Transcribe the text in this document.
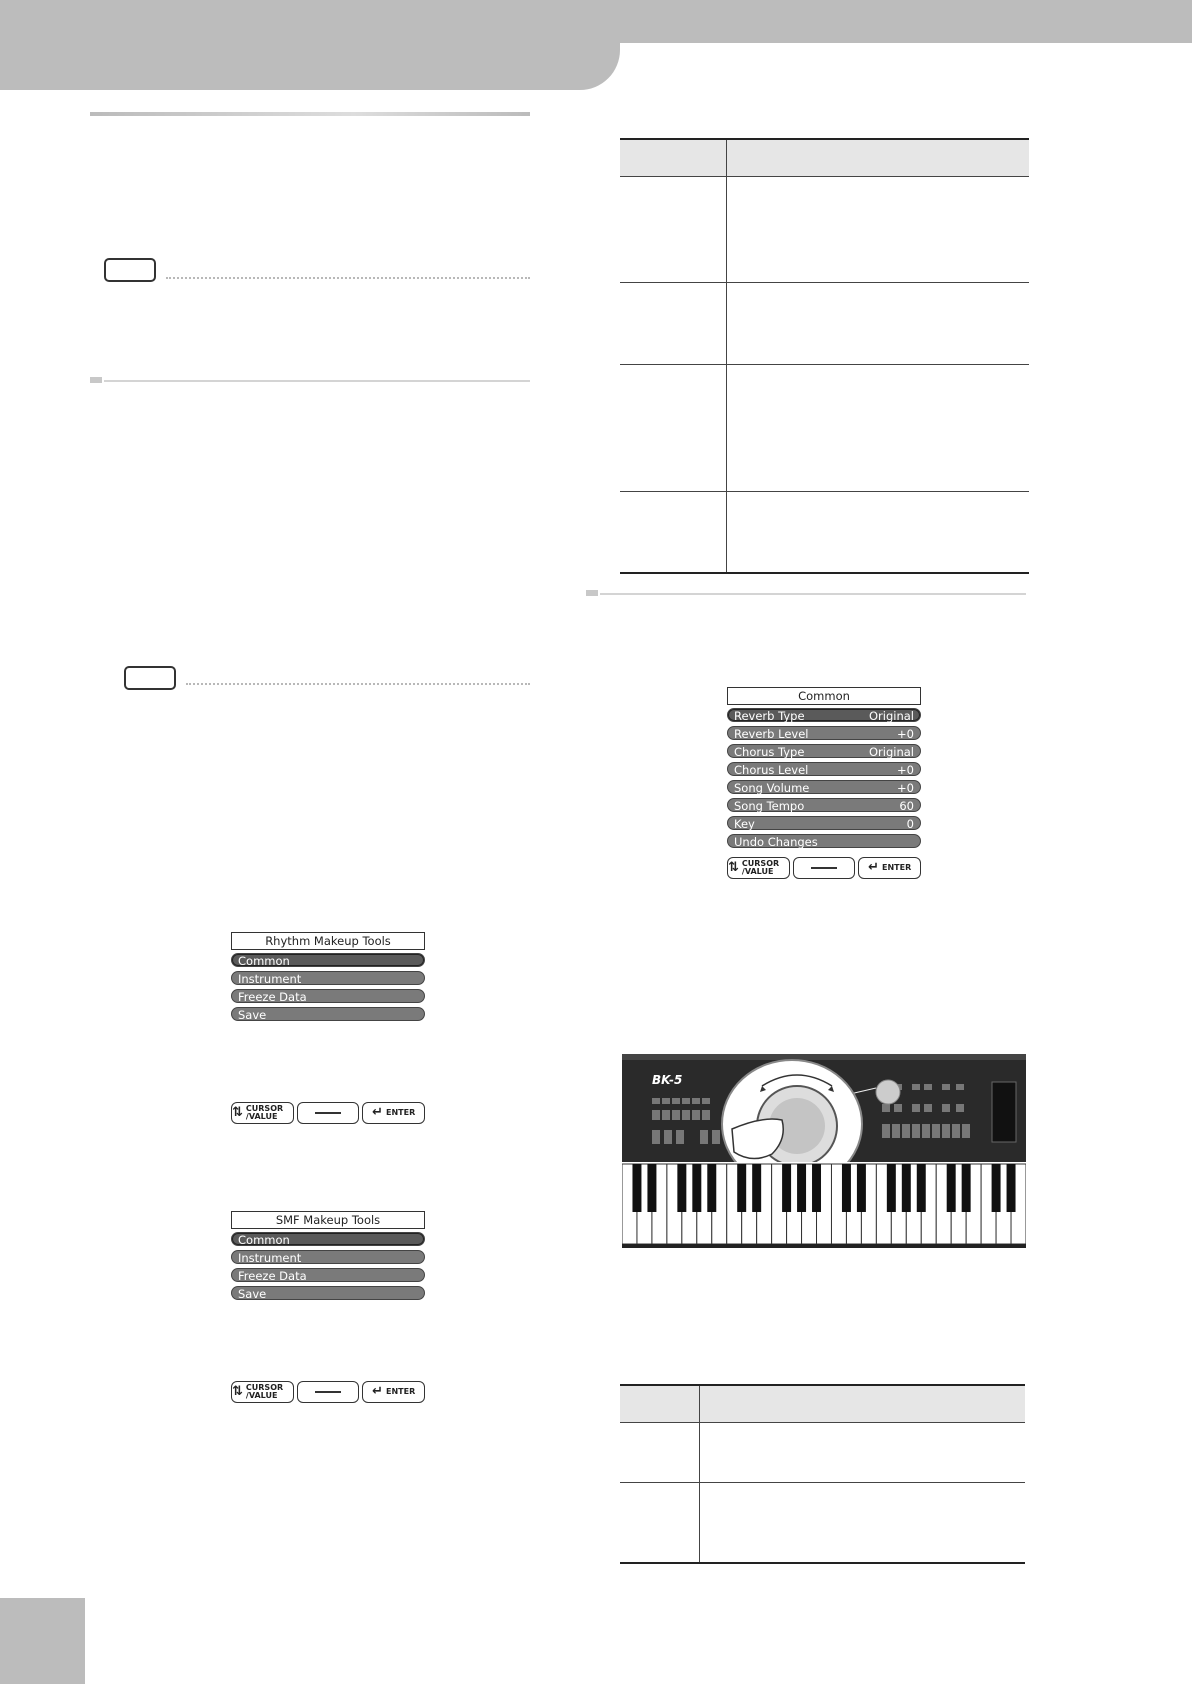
Rhythm Makeup Tools
Common
Instrument
Freeze Data
Save
⇅ CURSOR /VALUE	↵ ENTER
SMF Makeup Tools
Common
Instrument
Freeze Data
Save
⇅ CURSOR /VALUE	↵ ENTER

Common
Reverb Type	Original
Reverb Level	+0
Chorus Type	Original
Chorus Level	+0
Song Volume	+0
Song Tempo	60
Key	0
Undo Changes
⇅ CURSOR /VALUE	↵ ENTER
BK-5
